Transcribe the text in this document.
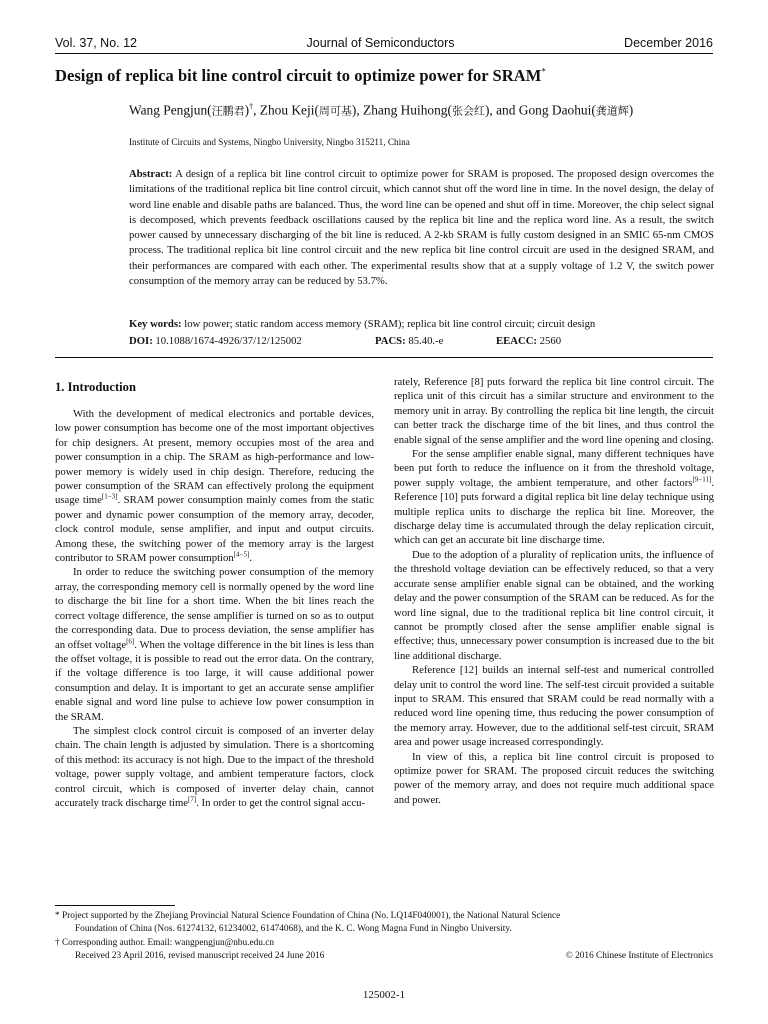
Vol. 37, No. 12	Journal of Semiconductors	December 2016
Design of replica bit line control circuit to optimize power for SRAM*
Wang Pengjun(汪鹏君)†, Zhou Keji(周可基), Zhang Huihong(张会红), and Gong Daohui(龚道辉)
Institute of Circuits and Systems, Ningbo University, Ningbo 315211, China

Abstract: A design of a replica bit line control circuit to optimize power for SRAM is proposed. The proposed design overcomes the limitations of the traditional replica bit line control circuit, which cannot shut off the word line in time. In the novel design, the delay of word line enable and disable paths are balanced. Thus, the word line can be opened and shut off in time. Moreover, the chip select signal is decomposed, which prevents feedback oscillations caused by the replica bit line and the replica word line. As a result, the switch power caused by unnecessary discharging of the bit line is reduced. A 2-kb SRAM is fully custom designed in an SMIC 65-nm CMOS process. The traditional replica bit line control circuit and the new replica bit line control circuit are used in the designed SRAM, and their performances are compared with each other. The experimental results show that at a supply voltage of 1.2 V, the switch power consumption of the memory array can be reduced by 53.7%.

Key words: low power; static random access memory (SRAM); replica bit line control circuit; circuit design
DOI: 10.1088/1674-4926/37/12/125002	PACS: 85.40.-e	EEACC: 2560
1. Introduction

With the development of medical electronics and portable devices, low power consumption has become one of the most important objectives for chip designers. At present, memory occupies most of the area and power consumption in a chip. The SRAM as high-performance and low-power memory is widely used in chip design. Therefore, reducing the power consumption of the SRAM can effectively prolong the equipment usage time[1−3]. SRAM power consumption mainly comes from the static power and dynamic power consumption of the memory array, decoder, clock control module, sense amplifier, and input and output circuits. Among these, the switching power of the memory array is the largest contributor to SRAM power consumption[4−5].

In order to reduce the switching power consumption of the memory array, the corresponding memory cell is normally opened by the word line to discharge the bit line for a short time. When the bit lines reach the correct voltage difference, the sense amplifier is turned on so as to output the corresponding data. Due to process deviation, the sense amplifier has an offset voltage[6]. When the voltage difference in the bit lines is less than the offset voltage, it is possible to read out the error data. On the contrary, if the voltage difference is too large, it will cause additional power consumption and delay. It is important to get an accurate sense amplifier enable signal and word line pulse to achieve low power consumption in the SRAM.

The simplest clock control circuit is composed of an inverter delay chain. The chain length is adjusted by simulation. There is a shortcoming of this method: its accuracy is not high. Due to the impact of the threshold voltage, power supply voltage, and ambient temperature factors, clock control circuit, which is composed of inverter delay chain, cannot accurately track discharge time[7]. In order to get the control signal accu-

rately, Reference [8] puts forward the replica bit line control circuit. The replica unit of this circuit has a similar structure and environment to the memory unit in array. By controlling the replica bit line length, the circuit can better track the discharge time of the bit lines, and thus control the enable signal of the sense amplifier and the word line opening and closing.

For the sense amplifier enable signal, many different techniques have been put forth to reduce the influence on it from the threshold voltage, power supply voltage, the ambient temperature, and other factors[9−11]. Reference [10] puts forward a digital replica bit line delay technique using multiple replica units to discharge the replica bit line. Moreover, the discharge delay time is accumulated through the delay replication circuit, which can get an accurate bit line discharge time.

Due to the adoption of a plurality of replication units, the influence of the threshold voltage deviation can be effectively reduced, so that a very accurate sense amplifier enable signal can be obtained, and the working delay and the power consumption of the SRAM can be reduced. As for the word line signal, due to the traditional replica bit line control circuit, it cannot be promptly closed after the sense amplifier enable signal is effective; thus, unnecessary power consumption is increased due to the bit line additional discharge.

Reference [12] builds an internal self-test and numerical controlled delay unit to control the word line. The self-test circuit provided a suitable input to SRAM. This ensured that SRAM could be read normally with a reduced word line opening time, thus reducing the power consumption of the memory array. However, due to the additional self-test circuit, SRAM area and power usage increased correspondingly.

In view of this, a replica bit line control circuit is proposed to optimize power for SRAM. The proposed circuit reduces the switching power of the memory array, and does not require much additional space and power.

* Project supported by the Zhejiang Provincial Natural Science Foundation of China (No. LQ14F040001), the National Natural Science
Foundation of China (Nos. 61274132, 61234002, 61474068), and the K. C. Wong Magna Fund in Ningbo University.
† Corresponding author. Email: wangpengjun@nbu.edu.cn
Received 23 April 2016, revised manuscript received 24 June 2016	© 2016 Chinese Institute of Electronics
125002-1
